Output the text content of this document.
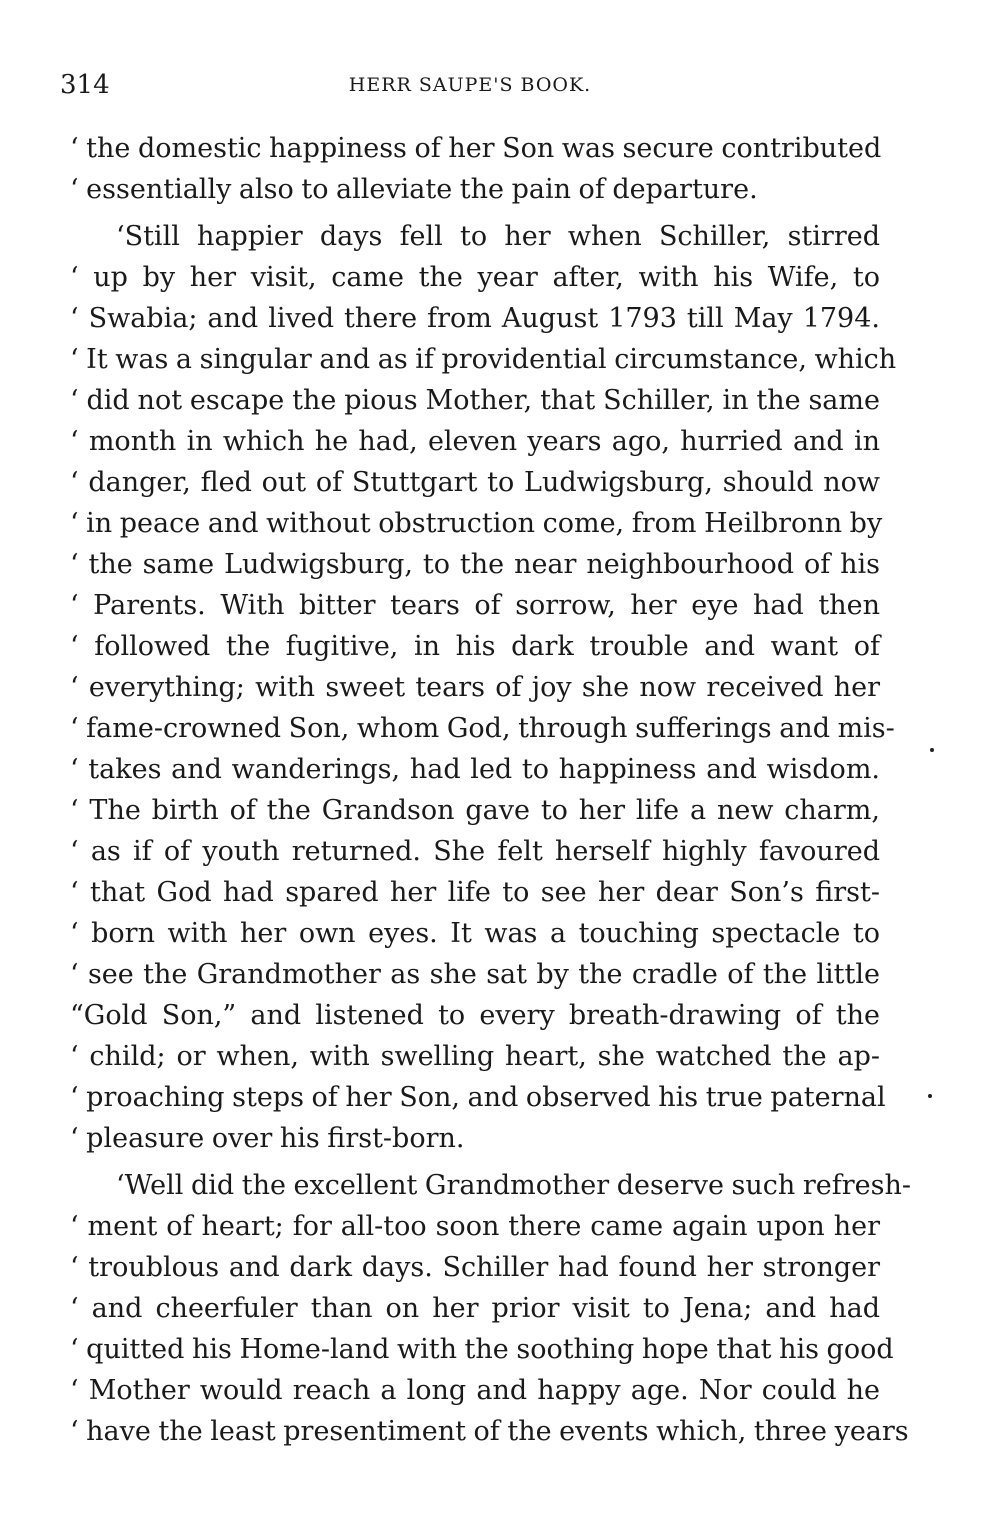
314	HERR SAUPE'S BOOK.
‘ the domestic happiness of her Son was secure contributed
‘ essentially also to alleviate the pain of departure.
‘Still happier days fell to her when Schiller, stirred
‘ up by her visit, came the year after, with his Wife, to
‘ Swabia; and lived there from August 1793 till May 1794.
‘ It was a singular and as if providential circumstance, which
‘ did not escape the pious Mother, that Schiller, in the same
‘ month in which he had, eleven years ago, hurried and in
‘ danger, fled out of Stuttgart to Ludwigsburg, should now
‘ in peace and without obstruction come, from Heilbronn by
‘ the same Ludwigsburg, to the near neighbourhood of his
‘ Parents. With bitter tears of sorrow, her eye had then
‘ followed the fugitive, in his dark trouble and want of
‘ everything; with sweet tears of joy she now received her
‘ fame-crowned Son, whom God, through sufferings and mis-
‘ takes and wanderings, had led to happiness and wisdom.
‘ The birth of the Grandson gave to her life a new charm,
‘ as if of youth returned. She felt herself highly favoured
‘ that God had spared her life to see her dear Son’s first-
‘ born with her own eyes. It was a touching spectacle to
‘ see the Grandmother as she sat by the cradle of the little
“Gold Son,” and listened to every breath-drawing of the
‘ child; or when, with swelling heart, she watched the ap-
‘ proaching steps of her Son, and observed his true paternal
‘ pleasure over his first-born.
‘Well did the excellent Grandmother deserve such refresh-
‘ ment of heart; for all-too soon there came again upon her
‘ troublous and dark days. Schiller had found her stronger
‘ and cheerfuler than on her prior visit to Jena; and had
‘ quitted his Home-land with the soothing hope that his good
‘ Mother would reach a long and happy age. Nor could he
‘ have the least presentiment of the events which, three years
